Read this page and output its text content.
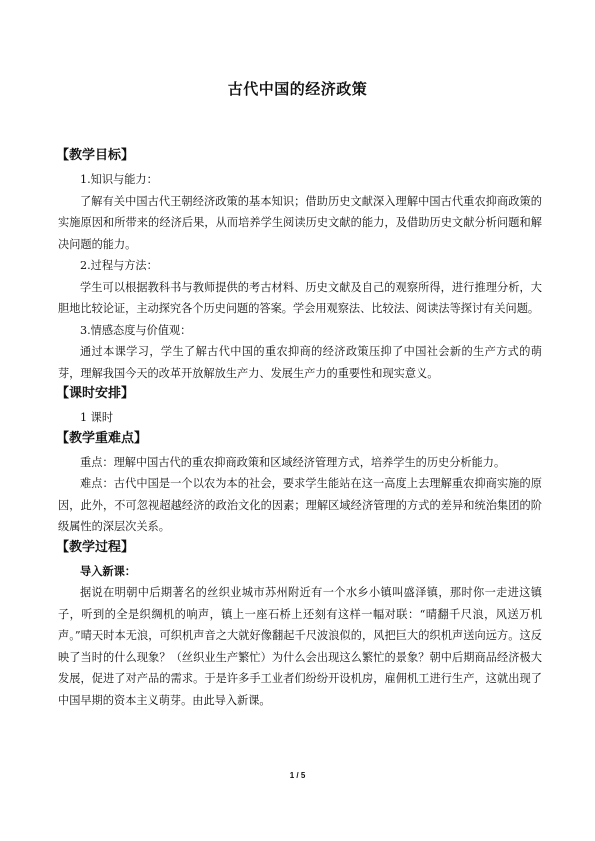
古代中国的经济政策

【教学目标】

1.知识与能力：

了解有关中国古代王朝经济政策的基本知识；借助历史文献深入理解中国古代重农抑商政策的实施原因和所带来的经济后果，从而培养学生阅读历史文献的能力，及借助历史文献分析问题和解决问题的能力。

2.过程与方法：

学生可以根据教科书与教师提供的考古材料、历史文献及自己的观察所得，进行推理分析，大胆地比较论证，主动探究各个历史问题的答案。学会用观察法、比较法、阅读法等探讨有关问题。

3.情感态度与价值观：

通过本课学习，学生了解古代中国的重农抑商的经济政策压抑了中国社会新的生产方式的萌芽，理解我国今天的改革开放解放生产力、发展生产力的重要性和现实意义。

【课时安排】

1 课时

【教学重难点】

重点：理解中国古代的重农抑商政策和区域经济管理方式，培养学生的历史分析能力。

难点：古代中国是一个以农为本的社会，要求学生能站在这一高度上去理解重农抑商实施的原因，此外，不可忽视超越经济的政治文化的因素；理解区域经济管理的方式的差异和统治集团的阶级属性的深层次关系。

【教学过程】

导入新课：

据说在明朝中后期著名的丝织业城市苏州附近有一个水乡小镇叫盛泽镇，那时你一走进这镇子，听到的全是织绸机的响声，镇上一座石桥上还刻有这样一幅对联：“晴翻千尺浪，风送万机声。”晴天时本无浪，可织机声音之大就好像翻起千尺波浪似的，风把巨大的织机声送向远方。这反映了当时的什么现象？（丝织业生产繁忙）为什么会出现这么繁忙的景象？朝中后期商品经济极大发展，促进了对产品的需求。于是许多手工业者们纷纷开设机房，雇佣机工进行生产，这就出现了中国早期的资本主义萌芽。由此导入新课。

1 / 5
